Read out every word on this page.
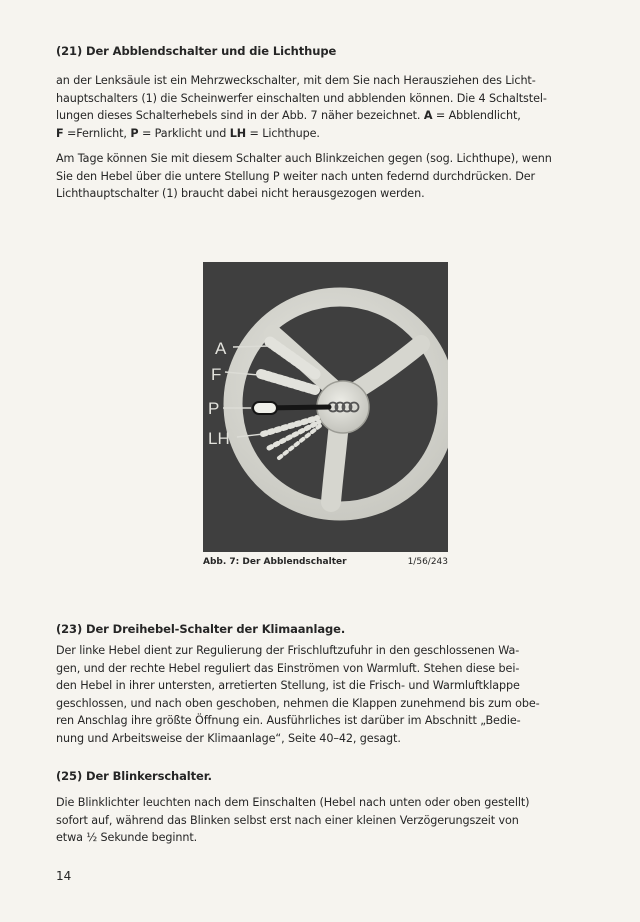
(21) Der Abblendschalter und die Lichthupe
an der Lenksäule ist ein Mehrzweckschalter, mit dem Sie nach Herausziehen des Licht-
hauptschalters (1) die Scheinwerfer einschalten und abblenden können. Die 4 Schaltstel-
lungen dieses Schalterhebels sind in der Abb. 7 näher bezeichnet. A = Abblendlicht,
F =Fernlicht, P = Parklicht und LH = Lichthupe.
Am Tage können Sie mit diesem Schalter auch Blinkzeichen gegen (sog. Lichthupe), wenn
Sie den Hebel über die untere Stellung P weiter nach unten federnd durchdrücken. Der
Lichthauptschalter (1) braucht dabei nicht herausgezogen werden.
A
F
P
LH
Abb. 7: Der Abblendschalter	1/56/243
(23) Der Dreihebel-Schalter der Klimaanlage.
Der linke Hebel dient zur Regulierung der Frischluftzufuhr in den geschlossenen Wa-
gen, und der rechte Hebel reguliert das Einströmen von Warmluft. Stehen diese bei-
den Hebel in ihrer untersten, arretierten Stellung, ist die Frisch- und Warmluftklappe
geschlossen, und nach oben geschoben, nehmen die Klappen zunehmend bis zum obe-
ren Anschlag ihre größte Öffnung ein. Ausführliches ist darüber im Abschnitt „Bedie-
nung und Arbeitsweise der Klimaanlage“, Seite 40–42, gesagt.
(25) Der Blinkerschalter.
Die Blinklichter leuchten nach dem Einschalten (Hebel nach unten oder oben gestellt)
sofort auf, während das Blinken selbst erst nach einer kleinen Verzögerungszeit von
etwa ½ Sekunde beginnt.
14
